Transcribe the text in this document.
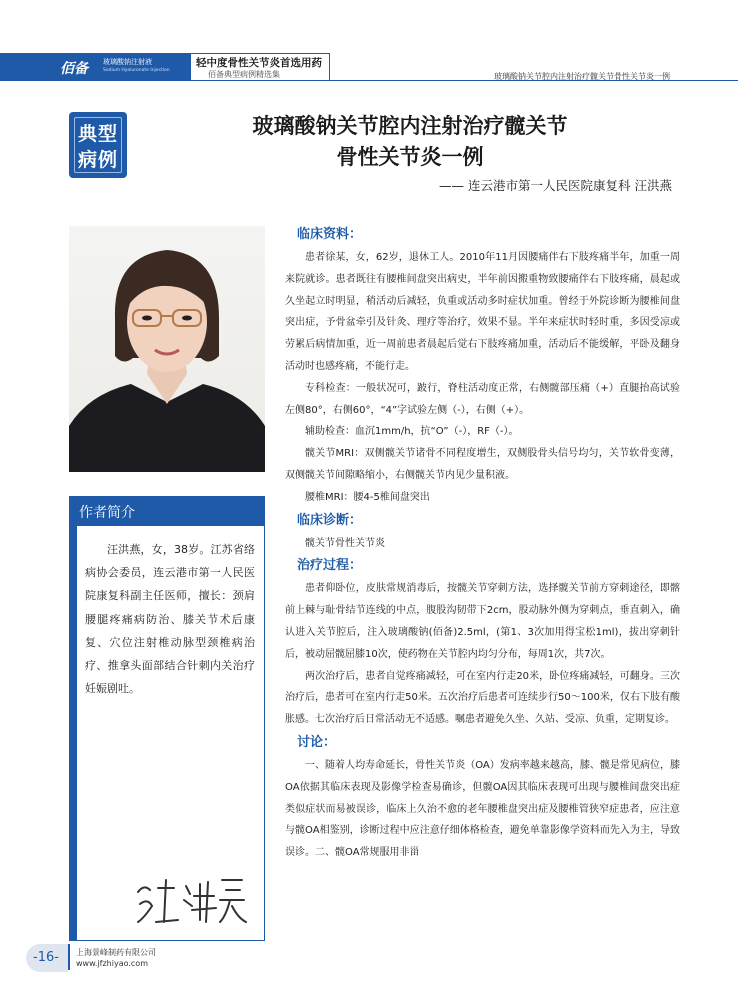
佰备 玻璃酸钠注射液
Sodium Hyaluronate Injection
轻中度骨性关节炎首选用药
佰备典型病例精选集	玻璃酸钠关节腔内注射治疗髋关节骨性关节炎一例
典型
病例
玻璃酸钠关节腔内注射治疗髋关节
骨性关节炎一例
—— 连云港市第一人民医院康复科 汪洪燕
作者简介
汪洪燕，女，38岁。江苏省络病协会委员，连云港市第一人民医院康复科副主任医师，擅长：颈肩腰腿疼痛病防治、膝关节术后康复、穴位注射椎动脉型颈椎病治疗、推拿头面部结合针刺内关治疗妊娠剧吐。
临床资料：

患者徐某，女，62岁，退休工人。2010年11月因腰痛伴右下肢疼痛半年，加重一周来院就诊。患者既往有腰椎间盘突出病史，半年前因搬重物致腰痛伴右下肢疼痛，晨起或久坐起立时明显，稍活动后减轻，负重或活动多时症状加重。曾经于外院诊断为腰椎间盘突出症，予骨盆牵引及针灸、理疗等治疗，效果不显。半年来症状时轻时重，多因受凉或劳累后病情加重，近一周前患者晨起后觉右下肢疼痛加重，活动后不能缓解，平卧及翻身活动时也感疼痛，不能行走。

专科检查：一般状况可，跛行，脊柱活动度正常，右侧髋部压痛（+）直腿抬高试验左侧80°，右侧60°，“4”字试验左侧（-），右侧（+）。

辅助检查：血沉1mm/h，抗“O”（-），RF（-）。

髋关节MRI：双侧髋关节诸骨不同程度增生，双侧股骨头信号均匀，关节软骨变薄，双侧髋关节间隙略缩小，右侧髋关节内见少量积液。

腰椎MRI：腰4-5椎间盘突出

临床诊断：

髋关节骨性关节炎

治疗过程：

患者仰卧位，皮肤常规消毒后，按髋关节穿刺方法，选择髋关节前方穿刺途径，即髂前上棘与耻骨结节连线的中点，腹股沟韧带下2cm，股动脉外侧为穿刺点，垂直刺入，确认进入关节腔后，注入玻璃酸钠(佰备)2.5ml，(第1、3次加用得宝松1ml)，拔出穿刺针后，被动屈髋屈膝10次，使药物在关节腔内均匀分布，每周1次，共7次。

两次治疗后，患者自觉疼痛减轻，可在室内行走20米，卧位疼痛减轻，可翻身。三次治疗后，患者可在室内行走50米。五次治疗后患者可连续步行50～100米，仅右下肢有酸胀感。七次治疗后日常活动无不适感。嘱患者避免久坐、久站、受凉、负重，定期复诊。

讨论：

一、随着人均寿命延长，骨性关节炎（OA）发病率越来越高，膝、髋是常见病位，膝OA依据其临床表现及影像学检查易确诊，但髋OA因其临床表现可出现与腰椎间盘突出症类似症状而易被误诊，临床上久治不愈的老年腰椎盘突出症及腰椎管狭窄症患者，应注意与髋OA相鉴别，诊断过程中应注意仔细体格检查，避免单靠影像学资料而先入为主，导致误诊。二、髋OA常规服用非甾

-16- 上海景峰制药有限公司
www.jfzhiyao.com
